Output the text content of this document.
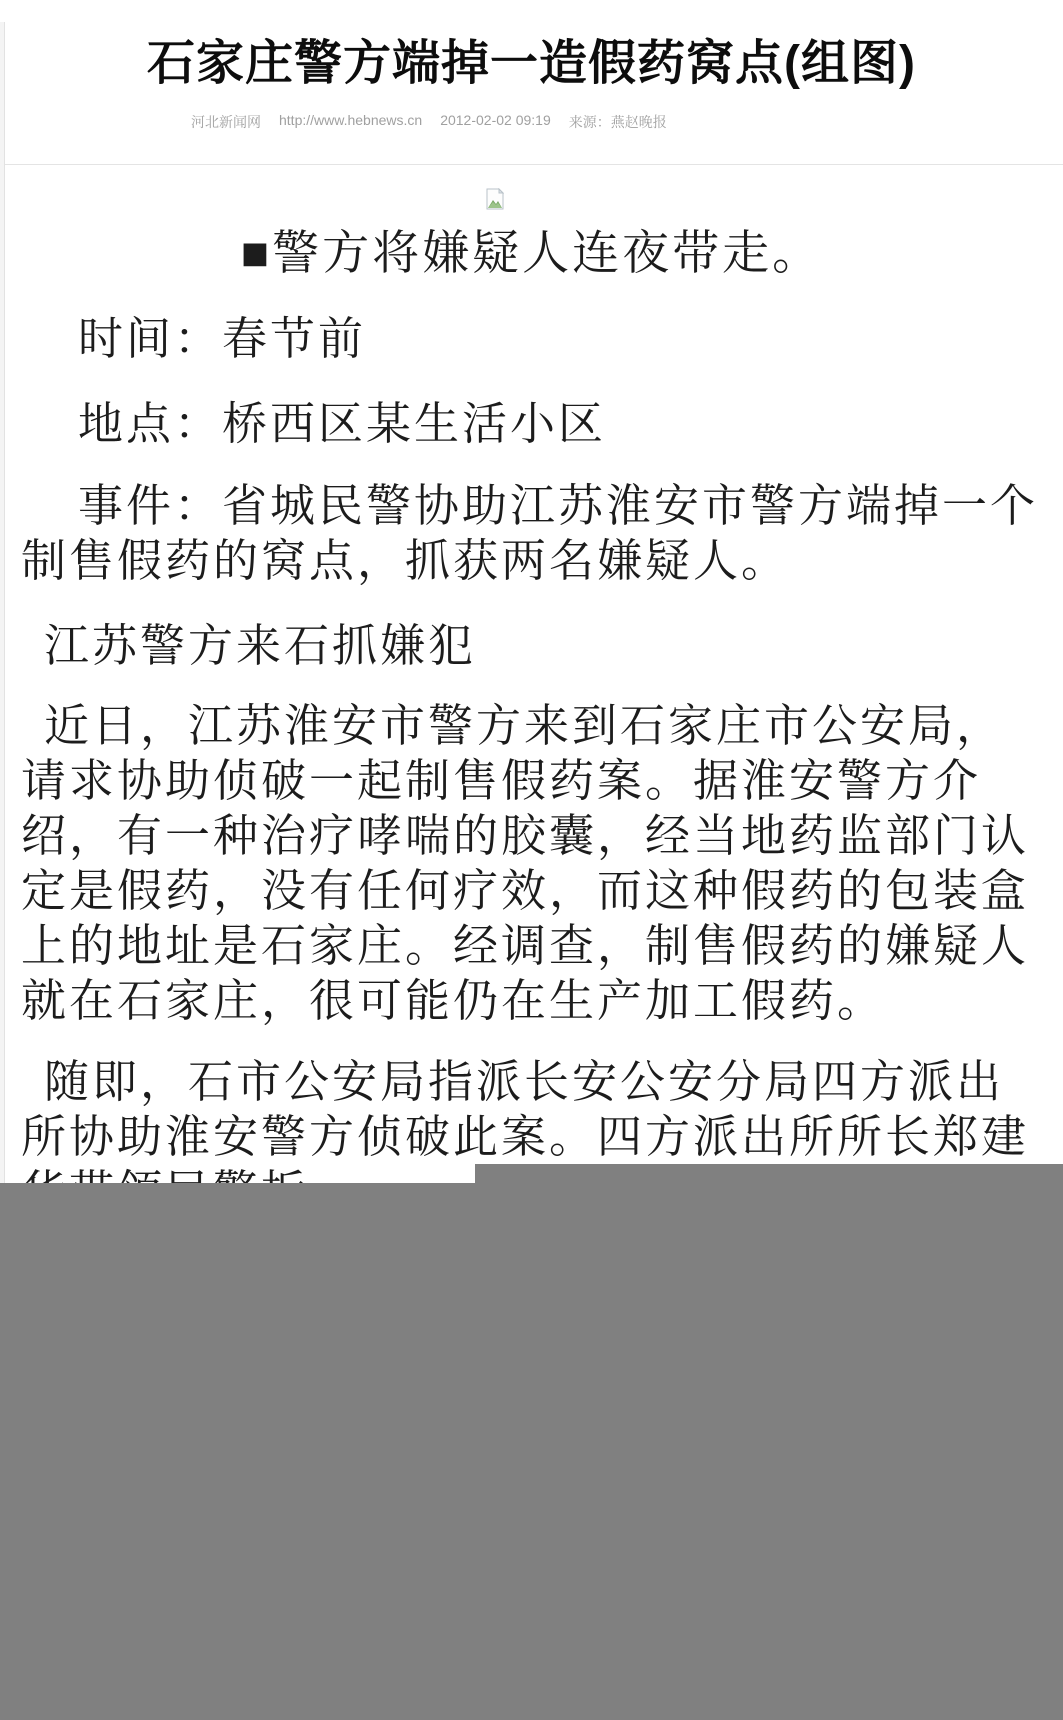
石家庄警方端掉一造假药窝点(组图)
河北新闻网 http://www.hebnews.cn 2012-02-02 09:19 来源：燕赵晚报
■警方将嫌疑人连夜带走。
时间：春节前
地点：桥西区某生活小区
事件：省城民警协助江苏淮安市警方端掉一个
制售假药的窝点，抓获两名嫌疑人。
江苏警方来石抓嫌犯
近日，江苏淮安市警方来到石家庄市公安局，
请求协助侦破一起制售假药案。据淮安警方介
绍，有一种治疗哮喘的胶囊，经当地药监部门认
定是假药，没有任何疗效，而这种假药的包装盒
上的地址是石家庄。经调查，制售假药的嫌疑人
就在石家庄，很可能仍在生产加工假药。
随即，石市公安局指派长安公安分局四方派出
所协助淮安警方侦破此案。四方派出所所长郑建
